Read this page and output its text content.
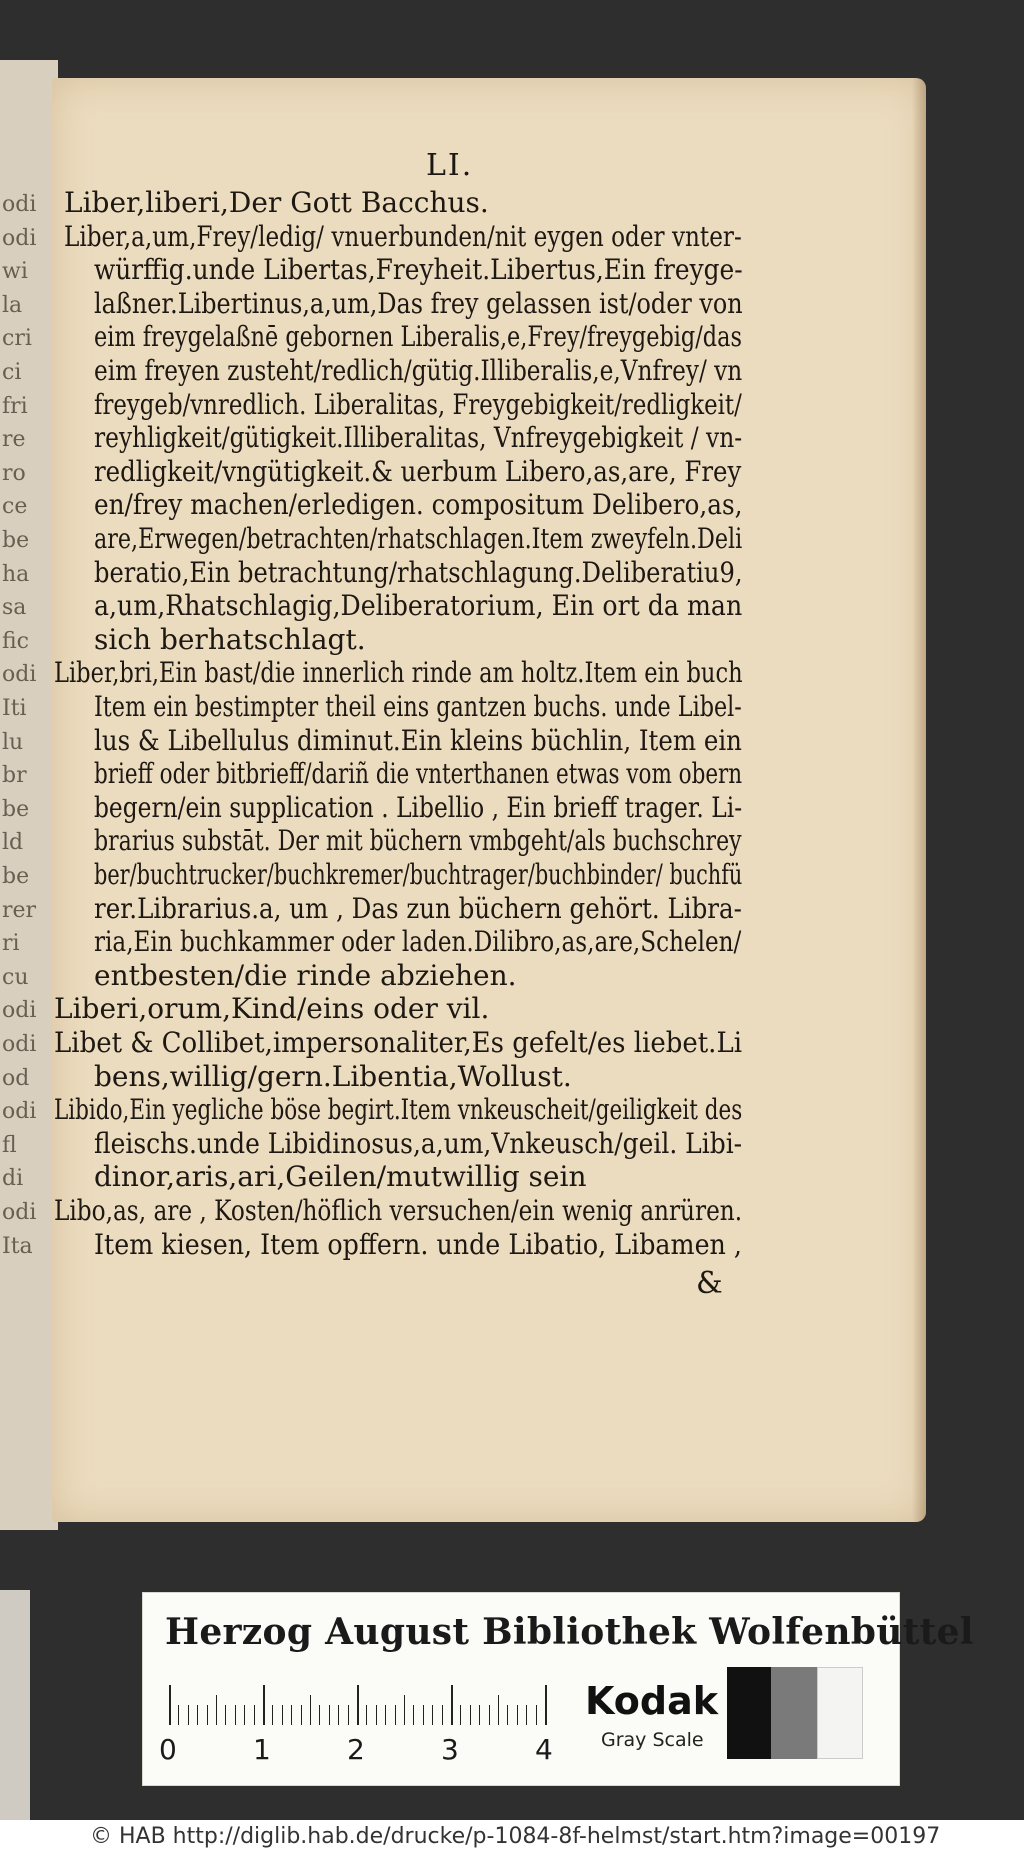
odi
odi
wi
la
cri
ci
fri
re
ro
ce
be
ha
sa
fic
odi
Iti
lu
br
be
ld
be
rer
ri
cu
odi
odi
od
odi
fl
di
odi
Ita
LI.
Liber,liberi,Der Gott Bacchus.
Liber,a,um,Frey/ledig/ vnuerbunden/nit eygen oder vnter-
würffig.unde Libertas,Freyheit.Libertus,Ein freyge-
laßner.Libertinus,a,um,Das frey gelassen ist/oder von
eim freygelaßnē gebornen Liberalis,e,Frey/freygebig/das
eim freyen zusteht/redlich/gütig.Illiberalis,e,Vnfrey/ vn
freygeb/vnredlich. Liberalitas, Freygebigkeit/redligkeit/
reyhligkeit/gütigkeit.Illiberalitas, Vnfreygebigkeit / vn-
redligkeit/vngütigkeit.& uerbum Libero,as,are, Frey
en/frey machen/erledigen. compositum Delibero,as,
are,Erwegen/betrachten/rhatschlagen.Item zweyfeln.Deli
beratio,Ein betrachtung/rhatschlagung.Deliberatiu9,
a,um,Rhatschlagig,Deliberatorium, Ein ort da man
sich berhatschlagt.
Liber,bri,Ein bast/die innerlich rinde am holtz.Item ein buch
Item ein bestimpter theil eins gantzen buchs. unde Libel-
lus & Libellulus diminut.Ein kleins büchlin, Item ein
brieff oder bitbrieff/dariñ die vnterthanen etwas vom obern
begern/ein supplication . Libellio , Ein brieff trager. Li-
brarius substāt. Der mit büchern vmbgeht/als buchschrey
ber/buchtrucker/buchkremer/buchtrager/buchbinder/ buchfü
rer.Librarius.a, um , Das zun büchern gehört. Libra-
ria,Ein buchkammer oder laden.Dilibro,as,are,Schelen/
entbesten/die rinde abziehen.
Liberi,orum,Kind/eins oder vil.
Libet & Collibet,impersonaliter,Es gefelt/es liebet.Li
bens,willig/gern.Libentia,Wollust.
Libido,Ein yegliche böse begirt.Item vnkeuscheit/geiligkeit des
fleischs.unde Libidinosus,a,um,Vnkeusch/geil. Libi-
dinor,aris,ari,Geilen/mutwillig sein
Libo,as, are , Kosten/höflich versuchen/ein wenig anrüren.
Item kiesen, Item opffern. unde Libatio, Libamen ,
&
Herzog August Bibliothek Wolfenbüttel
0	1	2	3	4
Kodak
Gray Scale
© HAB http://diglib.hab.de/drucke/p-1084-8f-helmst/start.htm?image=00197
